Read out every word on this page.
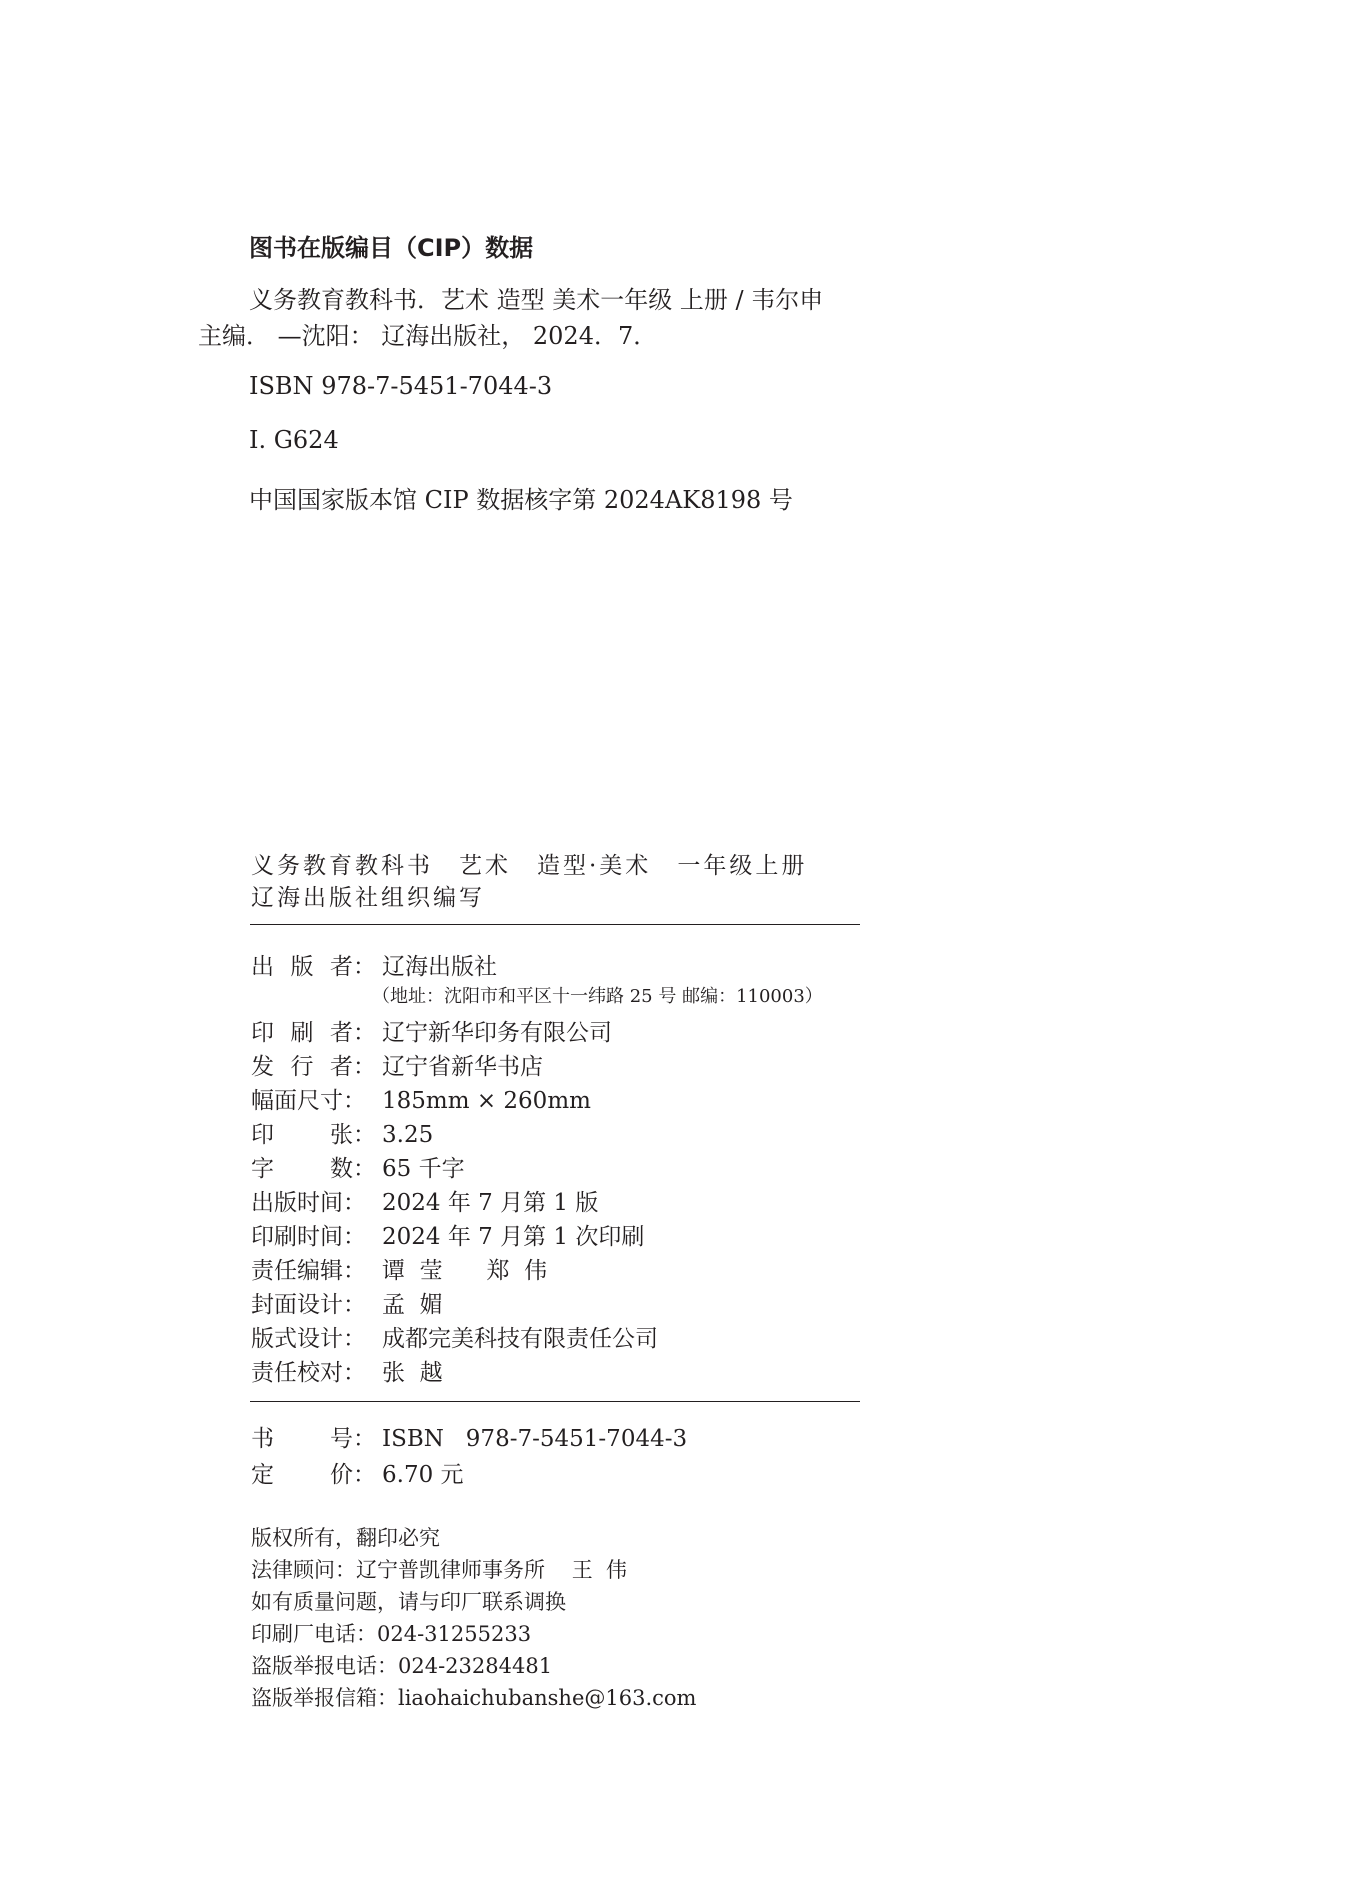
图书在版编目（CIP）数据
义务教育教科书．艺术 造型 美术一年级 上册 / 韦尔申
主编． —沈阳： 辽海出版社， 2024．7．
ISBN 978-7-5451-7044-3
I. G624
中国国家版本馆 CIP 数据核字第 2024AK8198 号
义务教育教科书 艺术 造型·美术 一年级上册
辽海出版社组织编写
出 版 者： 辽海出版社
（地址：沈阳市和平区十一纬路 25 号 邮编：110003）
印 刷 者： 辽宁新华印务有限公司
发 行 者： 辽宁省新华书店
幅面尺寸： 185mm × 260mm
印 张： 3.25
字 数： 65 千字
出版时间： 2024 年 7 月第 1 版
印刷时间： 2024 年 7 月第 1 次印刷
责任编辑： 谭  莹      郑  伟
封面设计： 孟  媚
版式设计： 成都完美科技有限责任公司
责任校对： 张  越
书 号： ISBN   978-7-5451-7044-3
定 价： 6.70 元
版权所有，翻印必究
法律顾问：辽宁普凯律师事务所    王  伟
如有质量问题，请与印厂联系调换
印刷厂电话：024-31255233
盗版举报电话：024-23284481
盗版举报信箱：liaohaichubanshe@163.com
